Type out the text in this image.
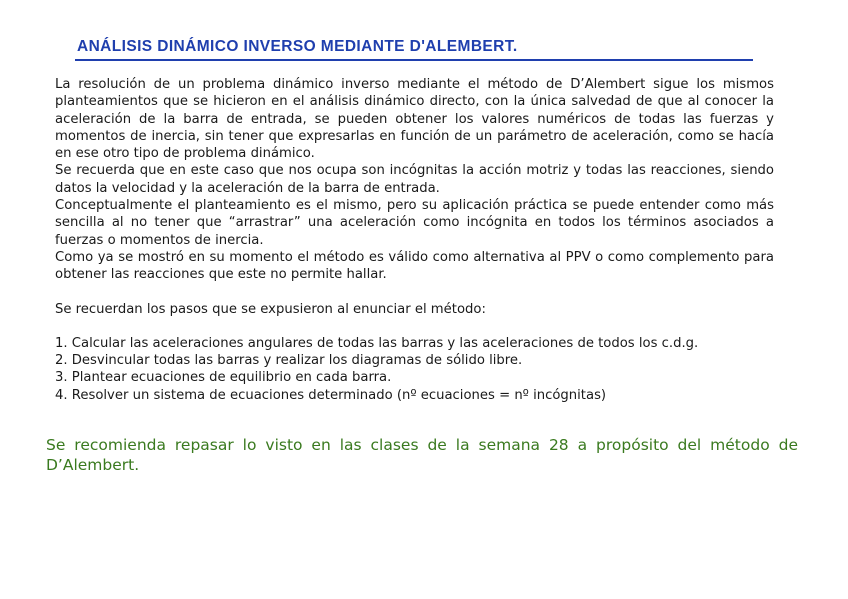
ANÁLISIS DINÁMICO INVERSO MEDIANTE D'ALEMBERT.

La resolución de un problema dinámico inverso mediante el método de D’Alembert sigue los mismos planteamientos que se hicieron en el análisis dinámico directo, con la única salvedad de que al conocer la aceleración de la barra de entrada, se pueden obtener los valores numéricos de todas las fuerzas y momentos de inercia, sin tener que expresarlas en función de un parámetro de aceleración, como se hacía en ese otro tipo de problema dinámico.

Se recuerda que en este caso que nos ocupa son incógnitas la acción motriz y todas las reacciones, siendo datos la velocidad y la aceleración de la barra de entrada.

Conceptualmente el planteamiento es el mismo, pero su aplicación práctica se puede entender como más sencilla al no tener que “arrastrar” una aceleración como incógnita en todos los términos asociados a fuerzas o momentos de inercia.

Como ya se mostró en su momento el método es válido como alternativa al PPV o como complemento para obtener las reacciones que este no permite hallar.

Se recuerdan los pasos que se expusieron al enunciar el método:

1. Calcular las aceleraciones angulares de todas las barras y las aceleraciones de todos los c.d.g.
2. Desvincular todas las barras y realizar los diagramas de sólido libre.
3. Plantear ecuaciones de equilibrio en cada barra.
4. Resolver un sistema de ecuaciones determinado (nº ecuaciones = nº incógnitas)
Se recomienda repasar lo visto en las clases de la semana 28 a propósito del método de D’Alembert.
